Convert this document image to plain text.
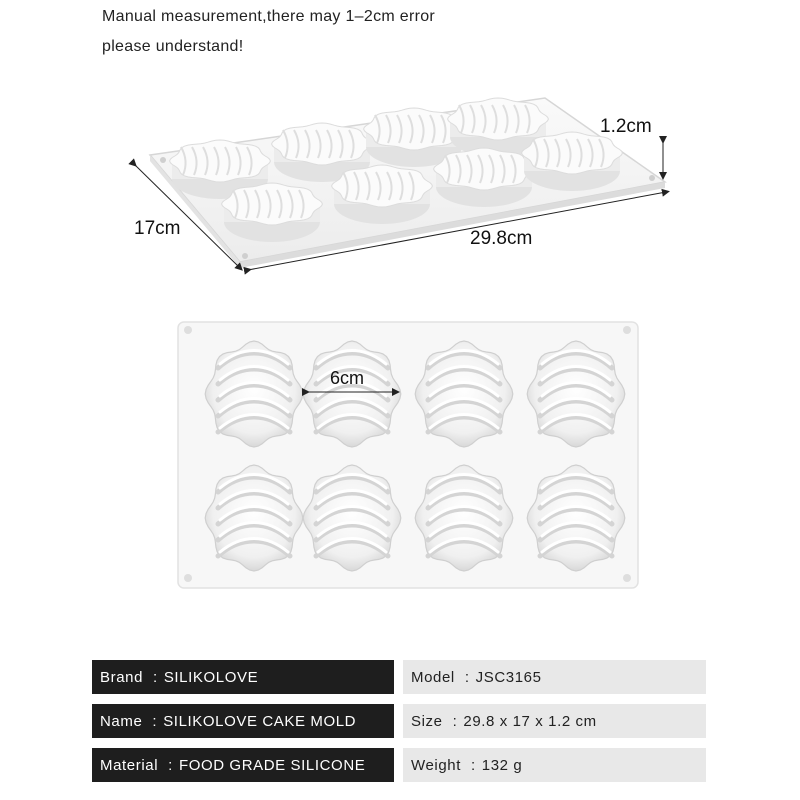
Manual measurement,there may 1–2cm error
please understand!
1.2cm
17cm	29.8cm
6cm
Brand : SILIKOLOVE	Model : JSC3165
Name : SILIKOLOVE CAKE MOLD	Size : 29.8 x 17 x 1.2 cm
Material : FOOD GRADE SILICONE	Weight : 132 g
